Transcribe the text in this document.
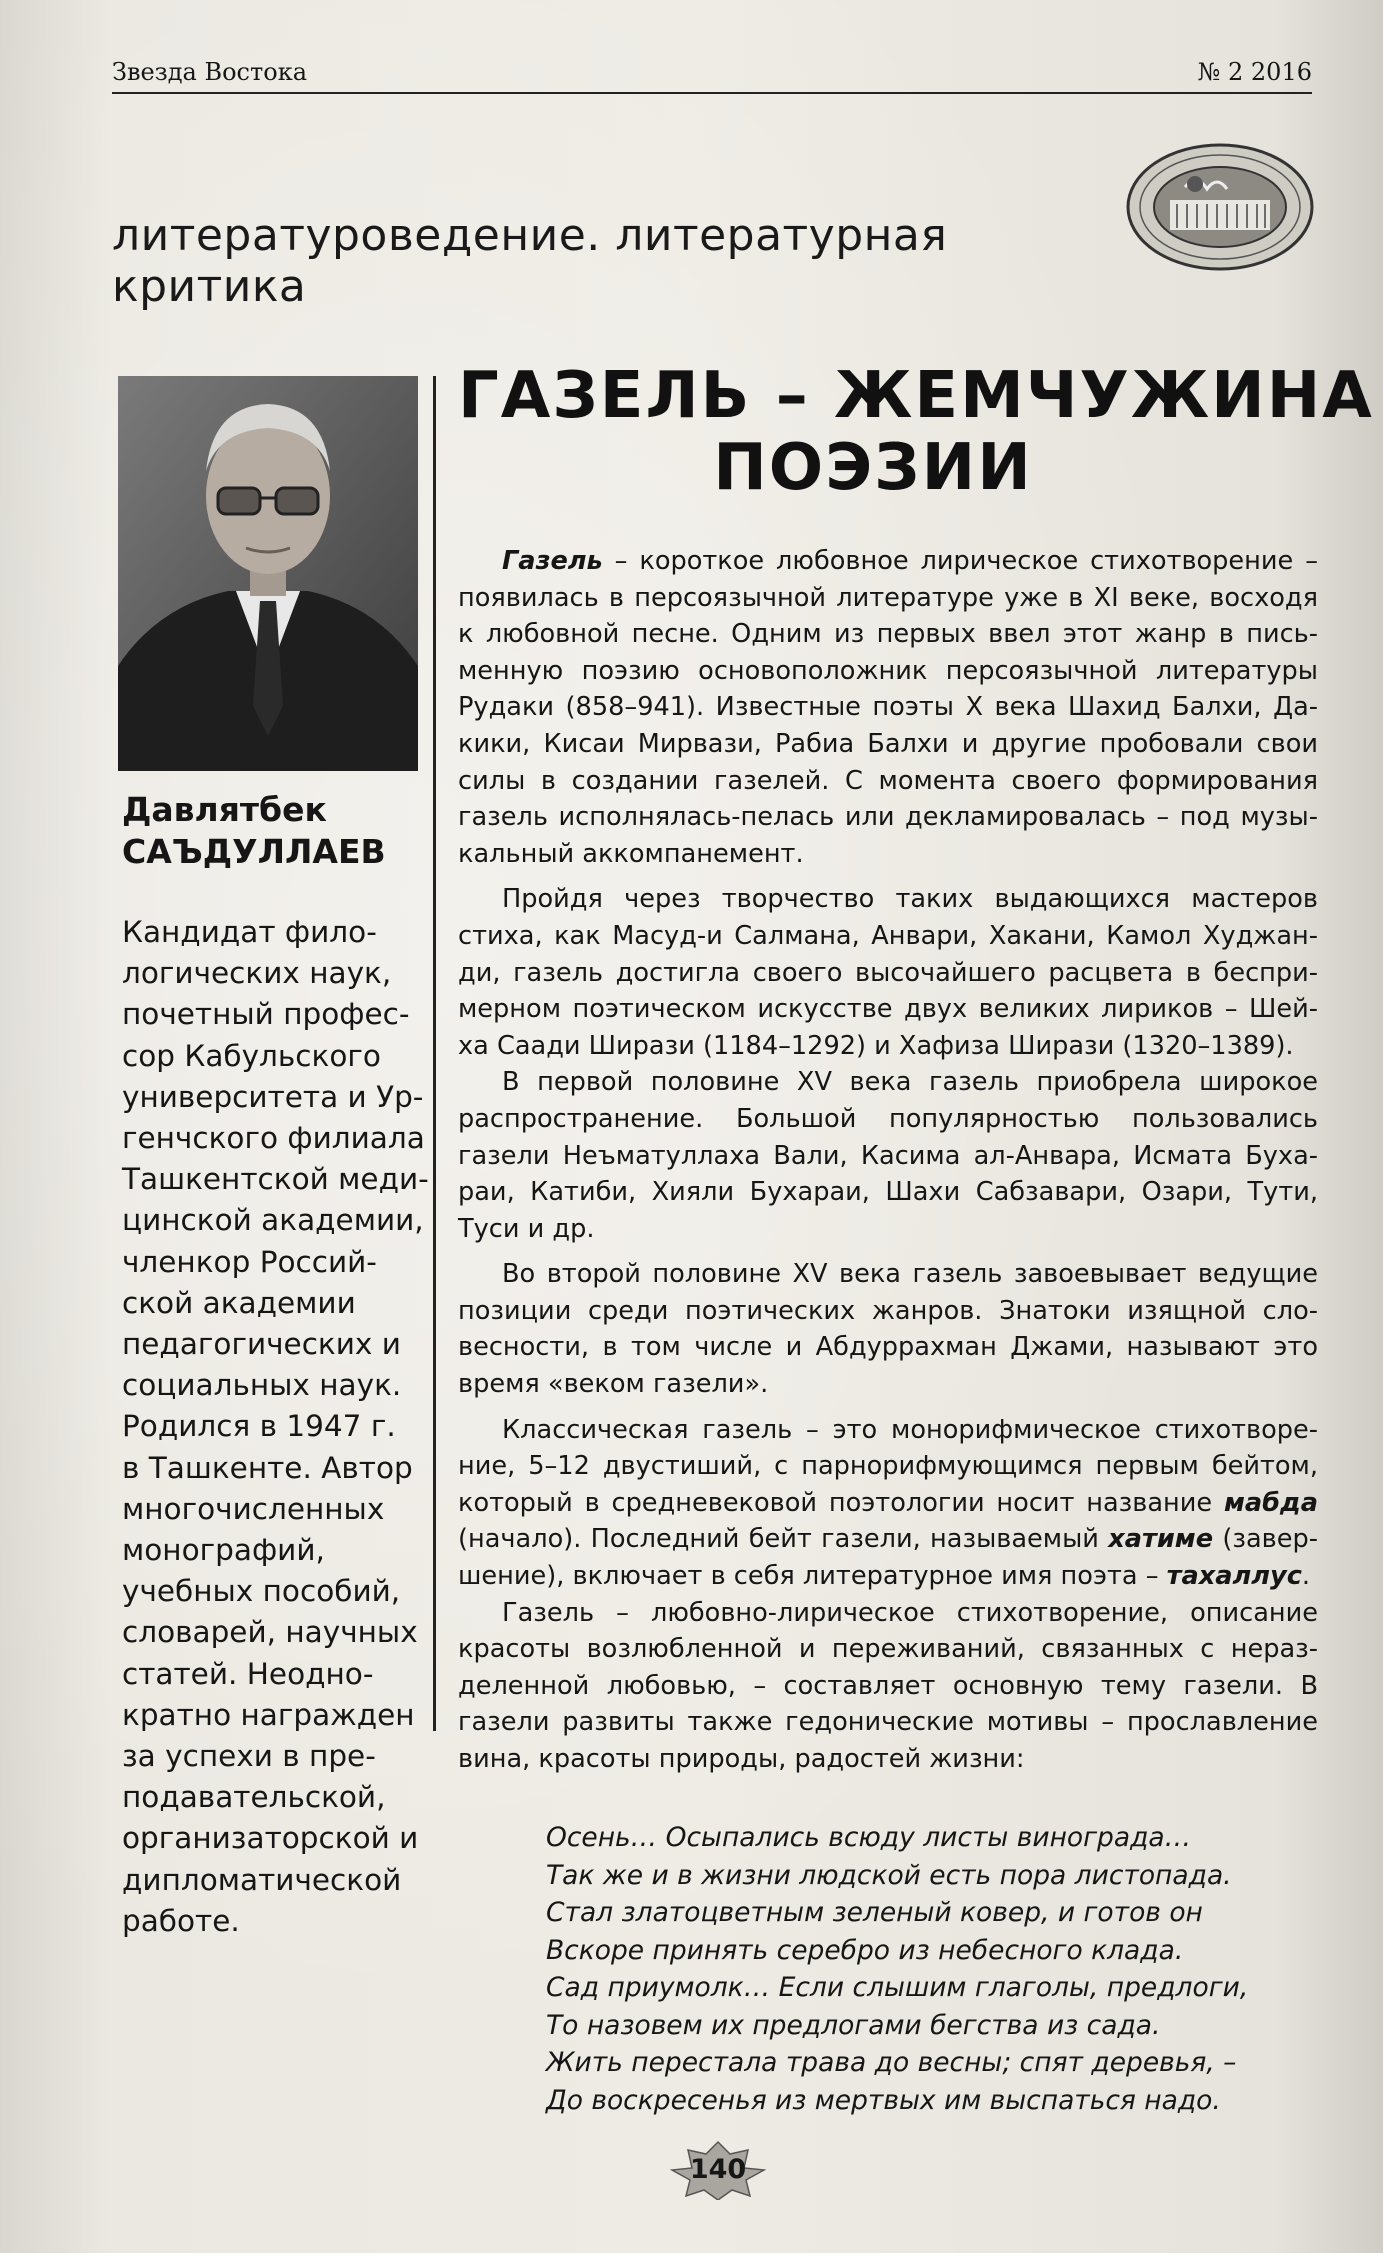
Звезда Востока	№ 2 2016
литературоведение. литературная критика
Давлятбек
САЪДУЛЛАЕВ
Кандидат фило-
логических наук,
почетный профес-
сор Кабульского
университета и Ур-
генчского филиала
Ташкентской меди-
цинской академии,
членкор Россий-
ской академии
педагогических и
социальных наук.
Родился в 1947 г.
в Ташкенте. Автор
многочисленных
монографий,
учебных пособий,
словарей, научных
статей. Неодно-
кратно награжден
за успехи в пре-
подавательской,
организаторской и
дипломатической
работе.
ГАЗЕЛЬ – ЖЕМЧУЖИНА
ПОЭЗИИ
Газель – короткое любовное лирическое стихотворение –
появилась в персоязычной литературе уже в XI веке, восходя
к любовной песне. Одним из первых ввел этот жанр в пись-
менную поэзию основоположник персоязычной литературы
Рудаки (858–941). Известные поэты X века Шахид Балхи, Да-
кики, Кисаи Мирвази, Рабиа Балхи и другие пробовали свои
силы в создании газелей. С момента своего формирования
газель исполнялась-пелась или декламировалась – под музы-
кальный аккомпанемент.
Пройдя через творчество таких выдающихся мастеров
стиха, как Масуд-и Салмана, Анвари, Хакани, Камол Худжан-
ди, газель достигла своего высочайшего расцвета в беспри-
мерном поэтическом искусстве двух великих лириков – Шей-
ха Саади Ширази (1184–1292) и Хафиза Ширази (1320–1389).
В первой половине XV века газель приобрела широкое
распространение. Большой популярностью пользовались
газели Неъматуллаха Вали, Касима ал-Анвара, Исмата Буха-
раи, Катиби, Хияли Бухараи, Шахи Сабзавари, Озари, Тути,
Туси и др.
Во второй половине XV века газель завоевывает ведущие
позиции среди поэтических жанров. Знатоки изящной сло-
весности, в том числе и Абдуррахман Джами, называют это
время «веком газели».
Классическая газель – это монорифмическое стихотворе-
ние, 5–12 двустиший, с парнорифмующимся первым бейтом,
который в средневековой поэтологии носит название мабда
(начало). Последний бейт газели, называемый хатиме (завер-
шение), включает в себя литературное имя поэта – тахаллус.
Газель – любовно-лирическое стихотворение, описание
красоты возлюбленной и переживаний, связанных с нераз-
деленной любовью, – составляет основную тему газели. В
газели развиты также гедонические мотивы – прославление
вина, красоты природы, радостей жизни:
Осень… Осыпались всюду листы винограда…
Так же и в жизни людской есть пора листопада.
Стал златоцветным зеленый ковер, и готов он
Вскоре принять серебро из небесного клада.
Сад приумолк… Если слышим глаголы, предлоги,
То назовем их предлогами бегства из сада.
Жить перестала трава до весны; спят деревья, –
До воскресенья из мертвых им выспаться надо.
140
